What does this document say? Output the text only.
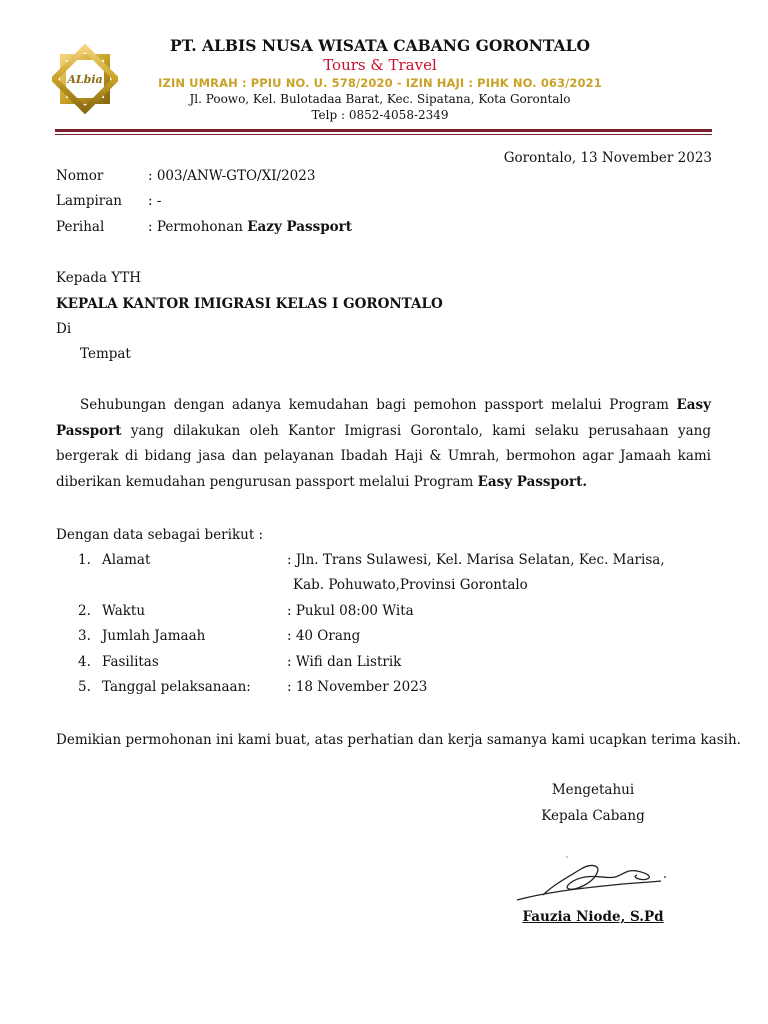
ALbia
PT. ALBIS NUSA WISATA CABANG GORONTALO
Tours & Travel
IZIN UMRAH : PPIU NO. U. 578/2020 - IZIN HAJI : PIHK NO. 063/2021
Jl. Poowo, Kel. Bulotadaa Barat, Kec. Sipatana, Kota Gorontalo
Telp : 0852-4058-2349
Gorontalo, 13 November 2023
Nomor	: 003/ANW-GTO/XI/2023
Lampiran : -
Perihal	: Permohonan Eazy Passport
Kepada YTH
KEPALA KANTOR IMIGRASI KELAS I GORONTALO
Di
Tempat
Sehubungan dengan adanya kemudahan bagi pemohon passport melalui Program Easy Passport yang dilakukan oleh Kantor Imigrasi Gorontalo, kami selaku perusahaan yang bergerak di bidang jasa dan pelayanan Ibadah Haji & Umrah, bermohon agar Jamaah kami diberikan kemudahan pengurusan passport melalui Program Easy Passport.
Dengan data sebagai berikut :
1. Alamat	: Jln. Trans Sulawesi, Kel. Marisa Selatan, Kec. Marisa,
Kab. Pohuwato,Provinsi Gorontalo
2. Waktu	: Pukul 08:00 Wita
3. Jumlah Jamaah	: 40 Orang
4. Fasilitas	: Wifi dan Listrik
5. Tanggal pelaksanaan:	: 18 November 2023
Demikian permohonan ini kami buat, atas perhatian dan kerja samanya kami ucapkan terima kasih.
Mengetahui
Kepala Cabang
Fauzia Niode, S.Pd
